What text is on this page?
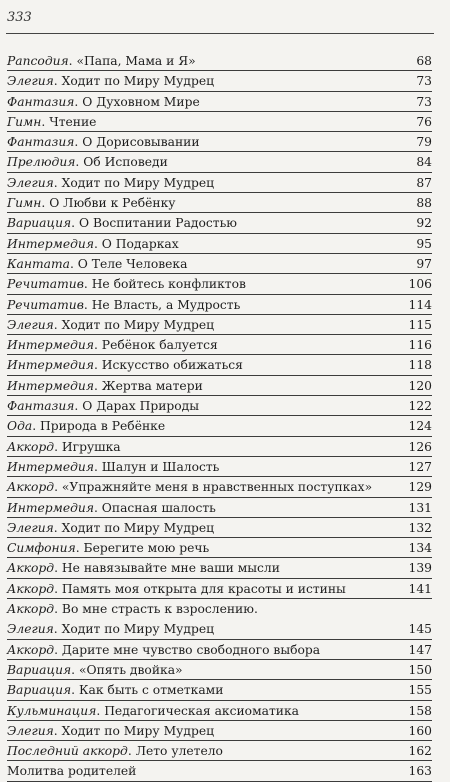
333
Рапсодия. «Папа, Мама и Я»	68
Элегия. Ходит по Миру Мудрец	73
Фантазия. О Духовном Мире	73
Гимн. Чтение	76
Фантазия. О Дорисовывании	79
Прелюдия. Об Исповеди	84
Элегия. Ходит по Миру Мудрец	87
Гимн. О Любви к Ребёнку	88
Вариация. О Воспитании Радостью	92
Интермедия. О Подарках	95
Кантата. О Теле Человека	97
Речитатив. Не бойтесь конфликтов	106
Речитатив. Не Власть, а Мудрость	114
Элегия. Ходит по Миру Мудрец	115
Интермедия. Ребёнок балуется	116
Интермедия. Искусство обижаться	118
Интермедия. Жертва матери	120
Фантазия. О Дарах Природы	122
Ода. Природа в Ребёнке	124
Аккорд. Игрушка	126
Интермедия. Шалун и Шалость	127
Аккорд. «Упражняйте меня в нравственных поступках»	129
Интермедия. Опасная шалость	131
Элегия. Ходит по Миру Мудрец	132
Симфония. Берегите мою речь	134
Аккорд. Не навязывайте мне ваши мысли	139
Аккорд. Память моя открыта для красоты и истины	141
Аккорд. Во мне страсть к взрослению.
Элегия. Ходит по Миру Мудрец	145
Аккорд. Дарите мне чувство свободного выбора	147
Вариация. «Опять двойка»	150
Вариация. Как быть с отметками	155
Кульминация. Педагогическая аксиоматика	158
Элегия. Ходит по Миру Мудрец	160
Последний аккорд. Лето улетело	162
Молитва родителей	163
